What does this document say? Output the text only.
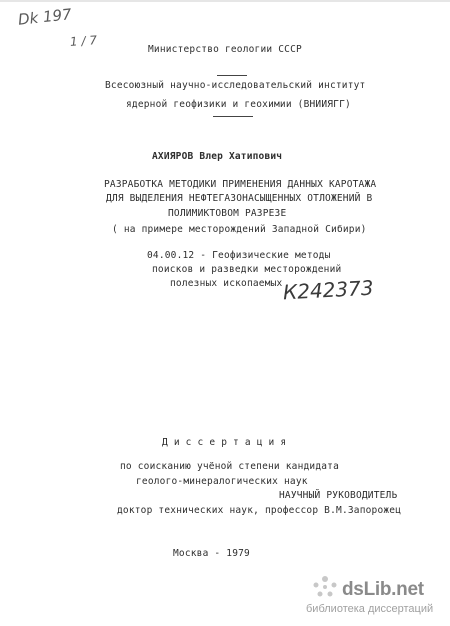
Dk 197
1 / 7
Министерство геологии СССР
Всесоюзный научно-исследовательский институт
ядерной геофизики и геохимии (ВНИИЯГГ)
АХИЯРОВ Влер Хатипович
РАЗРАБОТКА МЕТОДИКИ ПРИМЕНЕНИЯ ДАННЫХ КАРОТАЖА
ДЛЯ ВЫДЕЛЕНИЯ НЕФТЕГАЗОНАСЫЩЕННЫХ ОТЛОЖЕНИЙ В
ПОЛИМИКТОВОМ РАЗРЕЗЕ
( на примере месторождений Западной Сибири)
04.00.12 - Геофизические методы
поисков и разведки месторождений
полезных ископаемых К242373
Д и с с е р т а ц и я
по соисканию учёной степени кандидата
геолого-минералогических наук
НАУЧНЫЙ РУКОВОДИТЕЛЬ
доктор технических наук, профессор В.М.Запорожец
Москва - 1979
dsLib.net
библиотека диссертаций
